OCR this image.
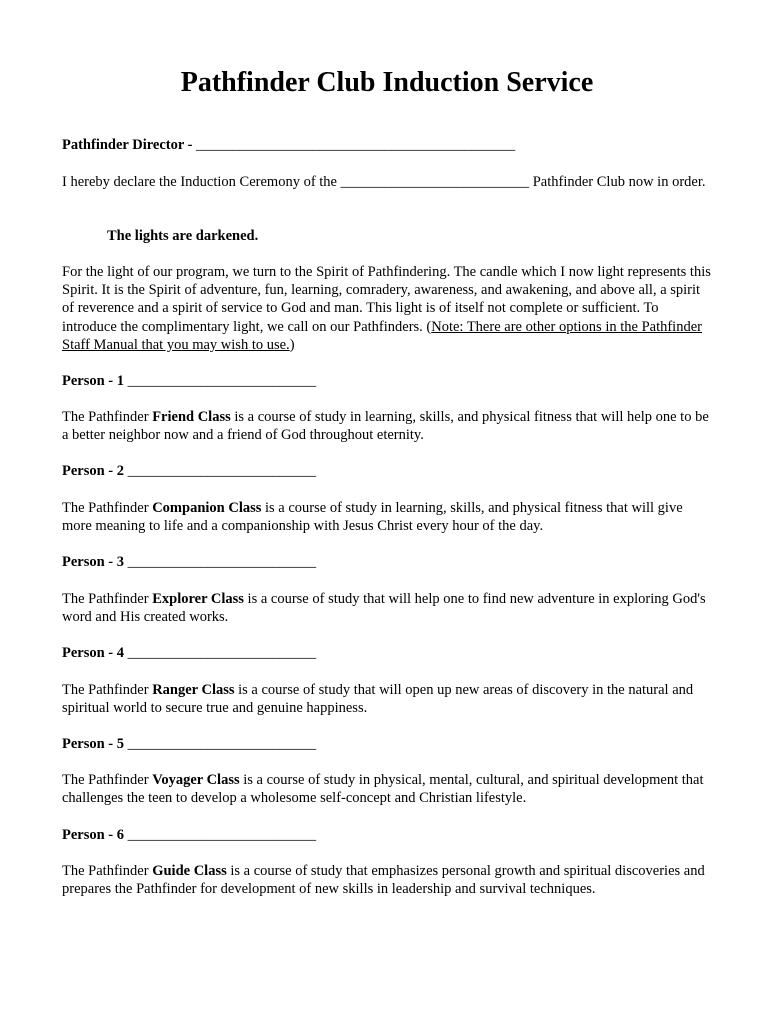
Pathfinder Club Induction Service

Pathfinder Director - ____________________________________________

I hereby declare the Induction Ceremony of the __________________________ Pathfinder Club now in order.

The lights are darkened.

For the light of our program, we turn to the Spirit of Pathfindering. The candle which I now light represents this Spirit. It is the Spirit of adventure, fun, learning, comradery, awareness, and awakening, and above all, a spirit of reverence and a spirit of service to God and man. This light is of itself not complete or sufficient. To introduce the complimentary light, we call on our Pathfinders. (Note: There are other options in the Pathfinder Staff Manual that you may wish to use.)

Person - 1 __________________________

The Pathfinder Friend Class is a course of study in learning, skills, and physical fitness that will help one to be a better neighbor now and a friend of God throughout eternity.

Person - 2 __________________________

The Pathfinder Companion Class is a course of study in learning, skills, and physical fitness that will give more meaning to life and a companionship with Jesus Christ every hour of the day.

Person - 3 __________________________

The Pathfinder Explorer Class is a course of study that will help one to find new adventure in exploring God's word and His created works.

Person - 4 __________________________

The Pathfinder Ranger Class is a course of study that will open up new areas of discovery in the natural and spiritual world to secure true and genuine happiness.

Person - 5 __________________________

The Pathfinder Voyager Class is a course of study in physical, mental, cultural, and spiritual development that challenges the teen to develop a wholesome self-concept and Christian lifestyle.

Person - 6 __________________________

The Pathfinder Guide Class is a course of study that emphasizes personal growth and spiritual discoveries and prepares the Pathfinder for development of new skills in leadership and survival techniques.
